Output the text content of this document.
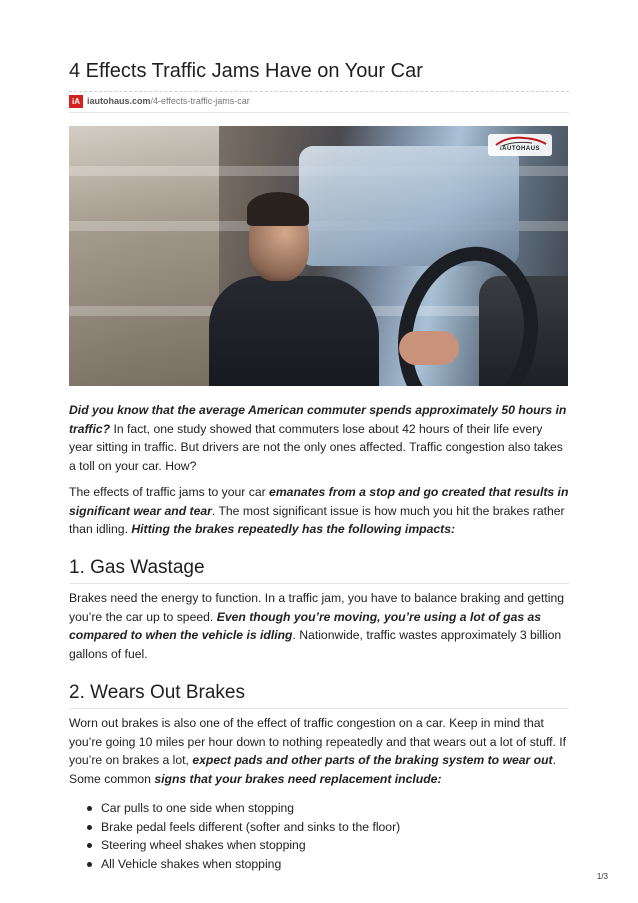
4 Effects Traffic Jams Have on Your Car
iA iautohaus.com/4-effects-traffic-jams-car
iAUTOHAUS

Did you know that the average American commuter spends approximately 50 hours in traffic? In fact, one study showed that commuters lose about 42 hours of their life every year sitting in traffic. But drivers are not the only ones affected. Traffic congestion also takes a toll on your car. How?

The effects of traffic jams to your car emanates from a stop and go created that results in significant wear and tear. The most significant issue is how much you hit the brakes rather than idling. Hitting the brakes repeatedly has the following impacts:

1. Gas Wastage

Brakes need the energy to function. In a traffic jam, you have to balance braking and getting you’re the car up to speed. Even though you’re moving, you’re using a lot of gas as compared to when the vehicle is idling. Nationwide, traffic wastes approximately 3 billion gallons of fuel.

2. Wears Out Brakes

Worn out brakes is also one of the effect of traffic congestion on a car. Keep in mind that you’re going 10 miles per hour down to nothing repeatedly and that wears out a lot of stuff. If you’re on brakes a lot, expect pads and other parts of the braking system to wear out. Some common signs that your brakes need replacement include:

Car pulls to one side when stopping
Brake pedal feels different (softer and sinks to the floor)
Steering wheel shakes when stopping
All Vehicle shakes when stopping
1/3
